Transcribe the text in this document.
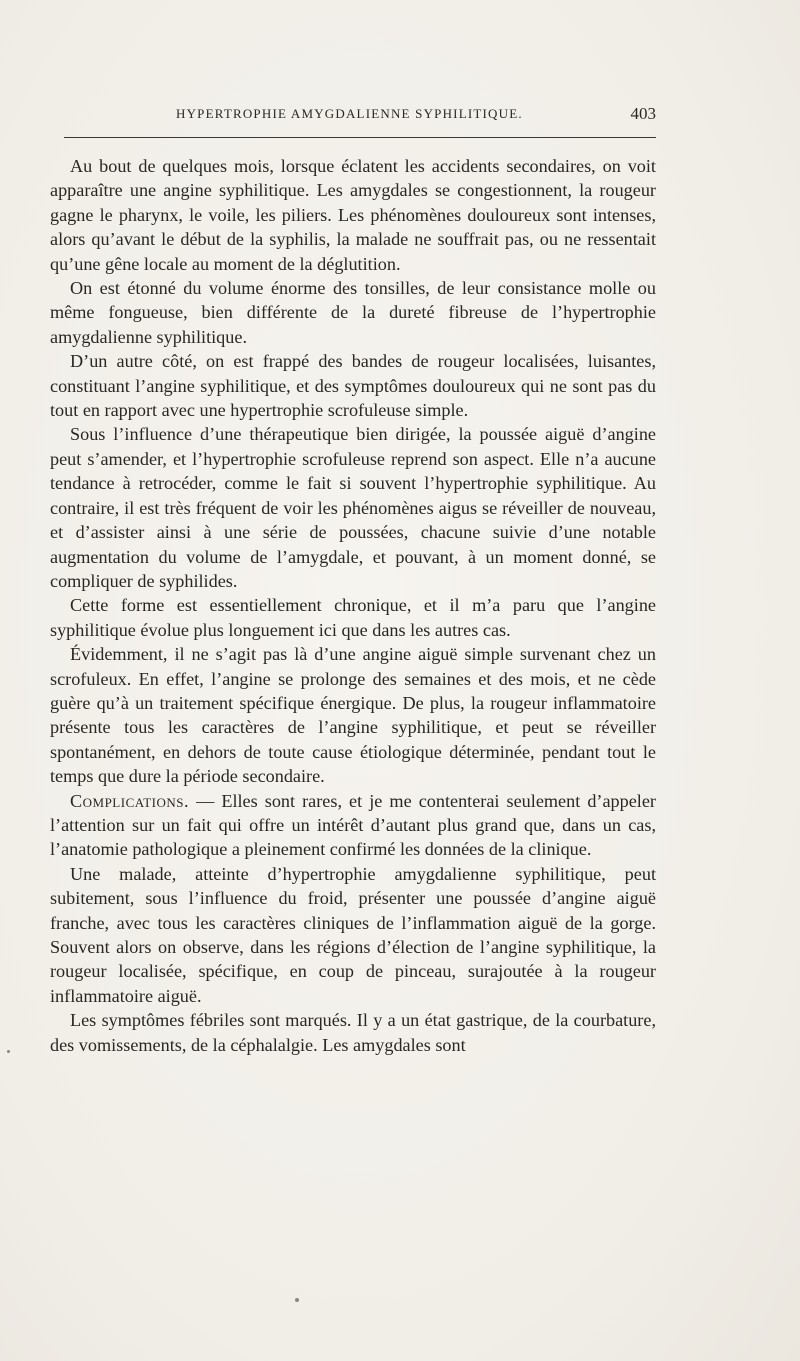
HYPERTROPHIE AMYGDALIENNE SYPHILITIQUE.	403

Au bout de quelques mois, lorsque éclatent les accidents secondaires, on voit apparaître une angine syphilitique. Les amygdales se congestionnent, la rougeur gagne le pharynx, le voile, les piliers. Les phénomènes douloureux sont intenses, alors qu’avant le début de la syphilis, la malade ne souffrait pas, ou ne ressentait qu’une gêne locale au moment de la déglutition.

On est étonné du volume énorme des tonsilles, de leur consistance molle ou même fongueuse, bien différente de la dureté fibreuse de l’hypertrophie amygdalienne syphilitique.

D’un autre côté, on est frappé des bandes de rougeur localisées, luisantes, constituant l’angine syphilitique, et des symptômes douloureux qui ne sont pas du tout en rapport avec une hypertrophie scrofuleuse simple.

Sous l’influence d’une thérapeutique bien dirigée, la poussée aiguë d’angine peut s’amender, et l’hypertrophie scrofuleuse reprend son aspect. Elle n’a aucune tendance à retrocéder, comme le fait si souvent l’hypertrophie syphilitique. Au contraire, il est très fréquent de voir les phénomènes aigus se réveiller de nouveau, et d’assister ainsi à une série de poussées, chacune suivie d’une notable augmentation du volume de l’amygdale, et pouvant, à un moment donné, se compliquer de syphilides.

Cette forme est essentiellement chronique, et il m’a paru que l’angine syphilitique évolue plus longuement ici que dans les autres cas.

Évidemment, il ne s’agit pas là d’une angine aiguë simple survenant chez un scrofuleux. En effet, l’angine se prolonge des semaines et des mois, et ne cède guère qu’à un traitement spécifique énergique. De plus, la rougeur inflammatoire présente tous les caractères de l’angine syphilitique, et peut se réveiller spontanément, en dehors de toute cause étiologique déterminée, pendant tout le temps que dure la période secondaire.

Complications. — Elles sont rares, et je me contenterai seulement d’appeler l’attention sur un fait qui offre un intérêt d’autant plus grand que, dans un cas, l’anatomie pathologique a pleinement confirmé les données de la clinique.

Une malade, atteinte d’hypertrophie amygdalienne syphilitique, peut subitement, sous l’influence du froid, présenter une poussée d’angine aiguë franche, avec tous les caractères cliniques de l’inflammation aiguë de la gorge. Souvent alors on observe, dans les régions d’élection de l’angine syphilitique, la rougeur localisée, spécifique, en coup de pinceau, surajoutée à la rougeur inflammatoire aiguë.

Les symptômes fébriles sont marqués. Il y a un état gastrique, de la courbature, des vomissements, de la céphalalgie. Les amygdales sont
